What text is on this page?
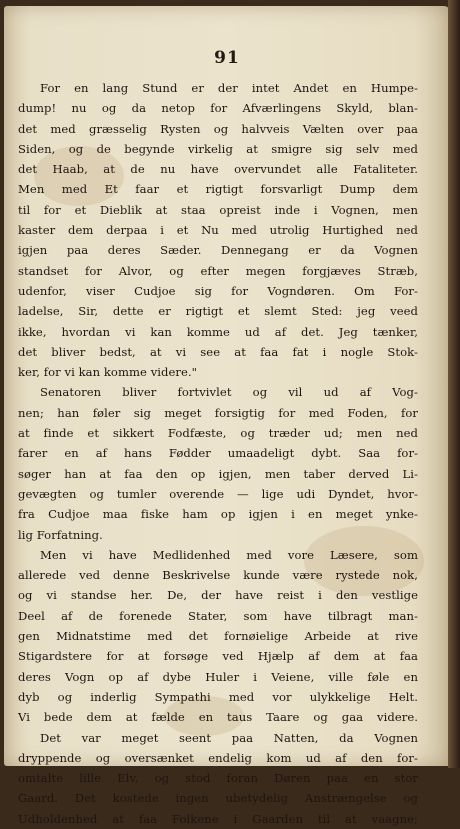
91
For en lang Stund er der intet Andet en Humpe-
dump! nu og da netop for Afværlingens Skyld, blan-
det med græsselig Rysten og halvveis Vælten over paa
Siden, og de begynde virkelig at smigre sig selv med
det Haab, at de nu have overvundet alle Fataliteter.
Men med Et faar et rigtigt forsvarligt Dump dem
til for et Dieblik at staa opreist inde i Vognen, men
kaster dem derpaa i et Nu med utrolig Hurtighed ned
igjen paa deres Sæder. Dennegang er da Vognen
standset for Alvor, og efter megen forgjæves Stræb,
udenfor, viser Cudjoe sig for Vogndøren. Om For-
ladelse, Sir, dette er rigtigt et slemt Sted: jeg veed
ikke, hvordan vi kan komme ud af det. Jeg tænker,
det bliver bedst, at vi see at faa fat i nogle Stok-
ker, for vi kan komme videre."
Senatoren bliver fortvivlet og vil ud af Vog-
nen; han føler sig meget forsigtig for med Foden, for
at finde et sikkert Fodfæste, og træder ud; men ned
farer en af hans Fødder umaadeligt dybt. Saa for-
søger han at faa den op igjen, men taber derved Li-
gevægten og tumler overende — lige udi Dyndet, hvor-
fra Cudjoe maa fiske ham op igjen i en meget ynke-
lig Forfatning.
Men vi have Medlidenhed med vore Læsere, som
allerede ved denne Beskrivelse kunde være rystede nok,
og vi standse her. De, der have reist i den vestlige
Deel af de forenede Stater, som have tilbragt man-
gen Midnatstime med det fornøielige Arbeide at rive
Stigardstere for at forsøge ved Hjælp af dem at faa
deres Vogn op af dybe Huler i Veiene, ville føle en
dyb og inderlig Sympathi med vor ulykkelige Helt.
Vi bede dem at fælde en taus Taare og gaa videre.
Det var meget seent paa Natten, da Vognen
dryppende og oversænket endelig kom ud af den for-
omtalte lille Elv, og stod foran Døren paa en stor
Gaard. Det kostede ingen ubetydelig Anstrængelse og
Udholdenhed at faa Folkene i Gaarden til at vaagne;
